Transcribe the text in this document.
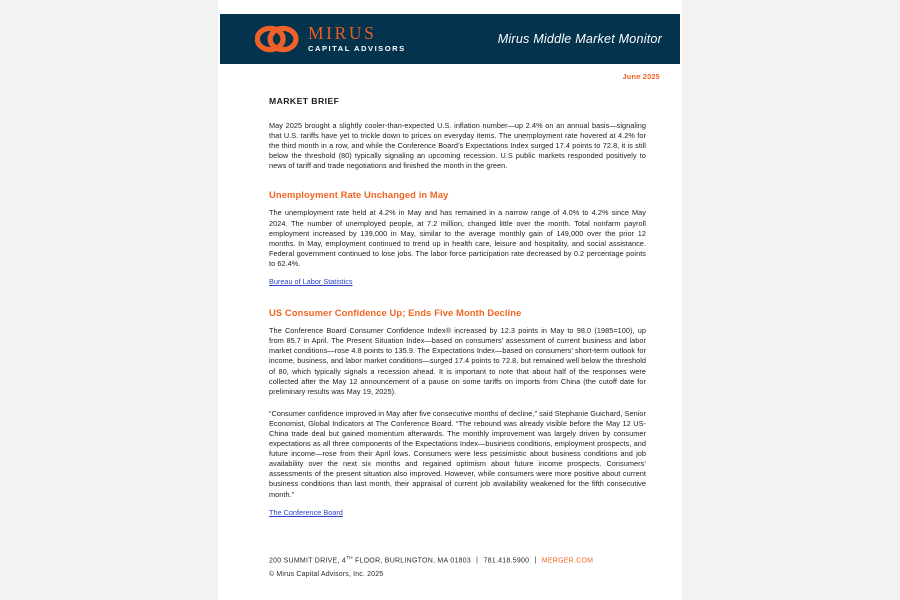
MIRUS
CAPITAL ADVISORS
Mirus Middle Market Monitor
June 2025
MARKET BRIEF

May 2025 brought a slightly cooler-than-expected U.S. inflation number—up 2.4% on an annual basis—signaling that U.S. tariffs have yet to trickle down to prices on everyday items. The unemployment rate hovered at 4.2% for the third month in a row, and while the Conference Board’s Expectations Index surged 17.4 points to 72.8, it is still below the threshold (80) typically signaling an upcoming recession. U.S public markets responded positively to news of tariff and trade negotiations and finished the month in the green.

Unemployment Rate Unchanged in May

The unemployment rate held at 4.2% in May and has remained in a narrow range of 4.0% to 4.2% since May 2024. The number of unemployed people, at 7.2 million, changed little over the month. Total nonfarm payroll employment increased by 139,000 in May, similar to the average monthly gain of 149,000 over the prior 12 months. In May, employment continued to trend up in health care, leisure and hospitality, and social assistance. Federal government continued to lose jobs. The labor force participation rate decreased by 0.2 percentage points to 62.4%.

Bureau of Labor Statistics
US Consumer Confidence Up; Ends Five Month Decline

The Conference Board Consumer Confidence Index® increased by 12.3 points in May to 98.0 (1985=100), up from 85.7 in April. The Present Situation Index—based on consumers’ assessment of current business and labor market conditions—rose 4.8 points to 135.9. The Expectations Index—based on consumers’ short-term outlook for income, business, and labor market conditions—surged 17.4 points to 72.8, but remained well below the threshold of 80, which typically signals a recession ahead. It is important to note that about half of the responses were collected after the May 12 announcement of a pause on some tariffs on imports from China (the cutoff date for preliminary results was May 19, 2025).

“Consumer confidence improved in May after five consecutive months of decline,” said Stephanie Guichard, Senior Economist, Global Indicators at The Conference Board. “The rebound was already visible before the May 12 US-China trade deal but gained momentum afterwards. The monthly improvement was largely driven by consumer expectations as all three components of the Expectations Index—business conditions, employment prospects, and future income—rose from their April lows. Consumers were less pessimistic about business conditions and job availability over the next six months and regained optimism about future income prospects. Consumers’ assessments of the present situation also improved. However, while consumers were more positive about current business conditions than last month, their appraisal of current job availability weakened for the fifth consecutive month.”

The Conference Board
200 SUMMIT DRIVE, 4TH FLOOR, BURLINGTON, MA 01803 | 781.418.5900 | MERGER.COM
© Mirus Capital Advisors, Inc. 2025
